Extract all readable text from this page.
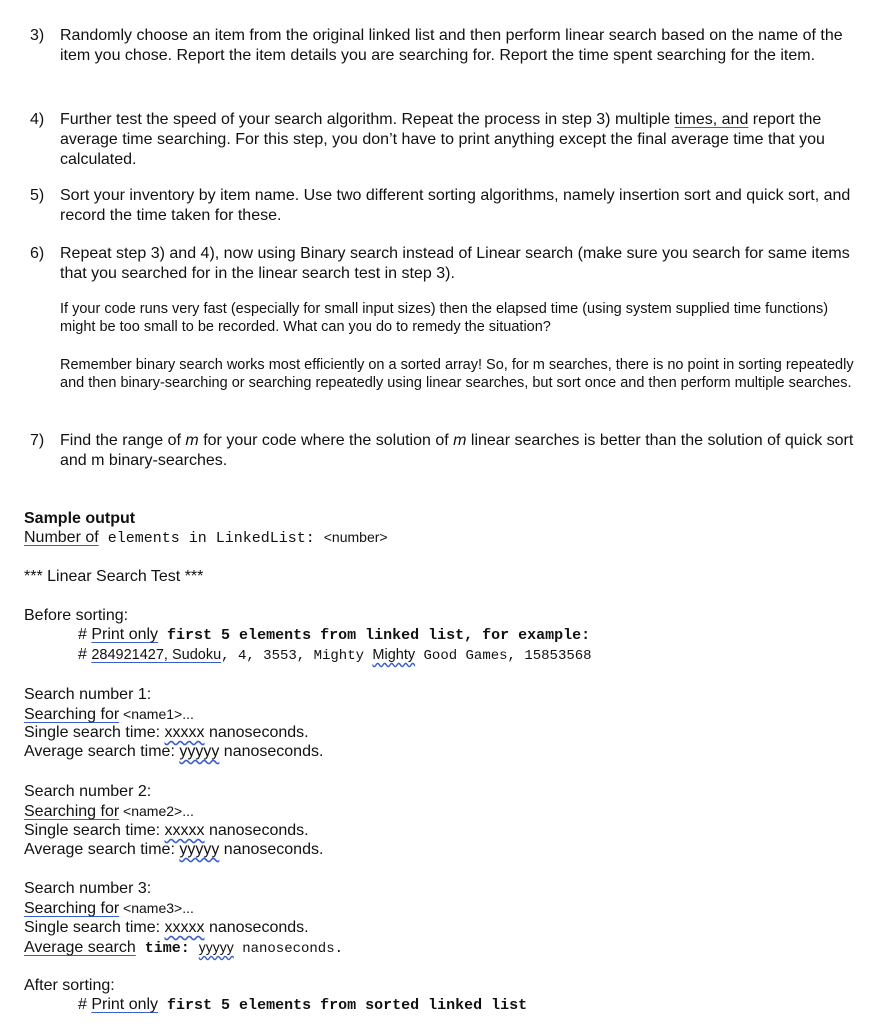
3) Randomly choose an item from the original linked list and then perform linear search based on the name of the item you chose. Report the item details you are searching for. Report the time spent searching for the item.
4) Further test the speed of your search algorithm. Repeat the process in step 3) multiple times, and report the average time searching. For this step, you don’t have to print anything except the final average time that you calculated.
5) Sort your inventory by item name. Use two different sorting algorithms, namely insertion sort and quick sort, and record the time taken for these.
6) Repeat step 3) and 4), now using Binary search instead of Linear search (make sure you search for same items that you searched for in the linear search test in step 3).
If your code runs very fast (especially for small input sizes) then the elapsed time (using system supplied time functions) might be too small to be recorded. What can you do to remedy the situation?
Remember binary search works most efficiently on a sorted array! So, for m searches, there is no point in sorting repeatedly and then binary-searching or searching repeatedly using linear searches, but sort once and then perform multiple searches.
7) Find the range of m for your code where the solution of m linear searches is better than the solution of quick sort and m binary-searches.
Sample output
Number of elements in LinkedList: <number>
*** Linear Search Test ***
Before sorting:
# Print only first 5 elements from linked list, for example:
# 284921427, Sudoku, 4, 3553, Mighty Mighty Good Games, 15853568
Search number 1:
Searching for <name1>...
Single search time: xxxxx nanoseconds.
Average search time: yyyyy nanoseconds.
Search number 2:
Searching for <name2>...
Single search time: xxxxx nanoseconds.
Average search time: yyyyy nanoseconds.
Search number 3:
Searching for <name3>...
Single search time: xxxxx nanoseconds.
Average search time: yyyyy nanoseconds.
After sorting:
# Print only first 5 elements from sorted linked list
